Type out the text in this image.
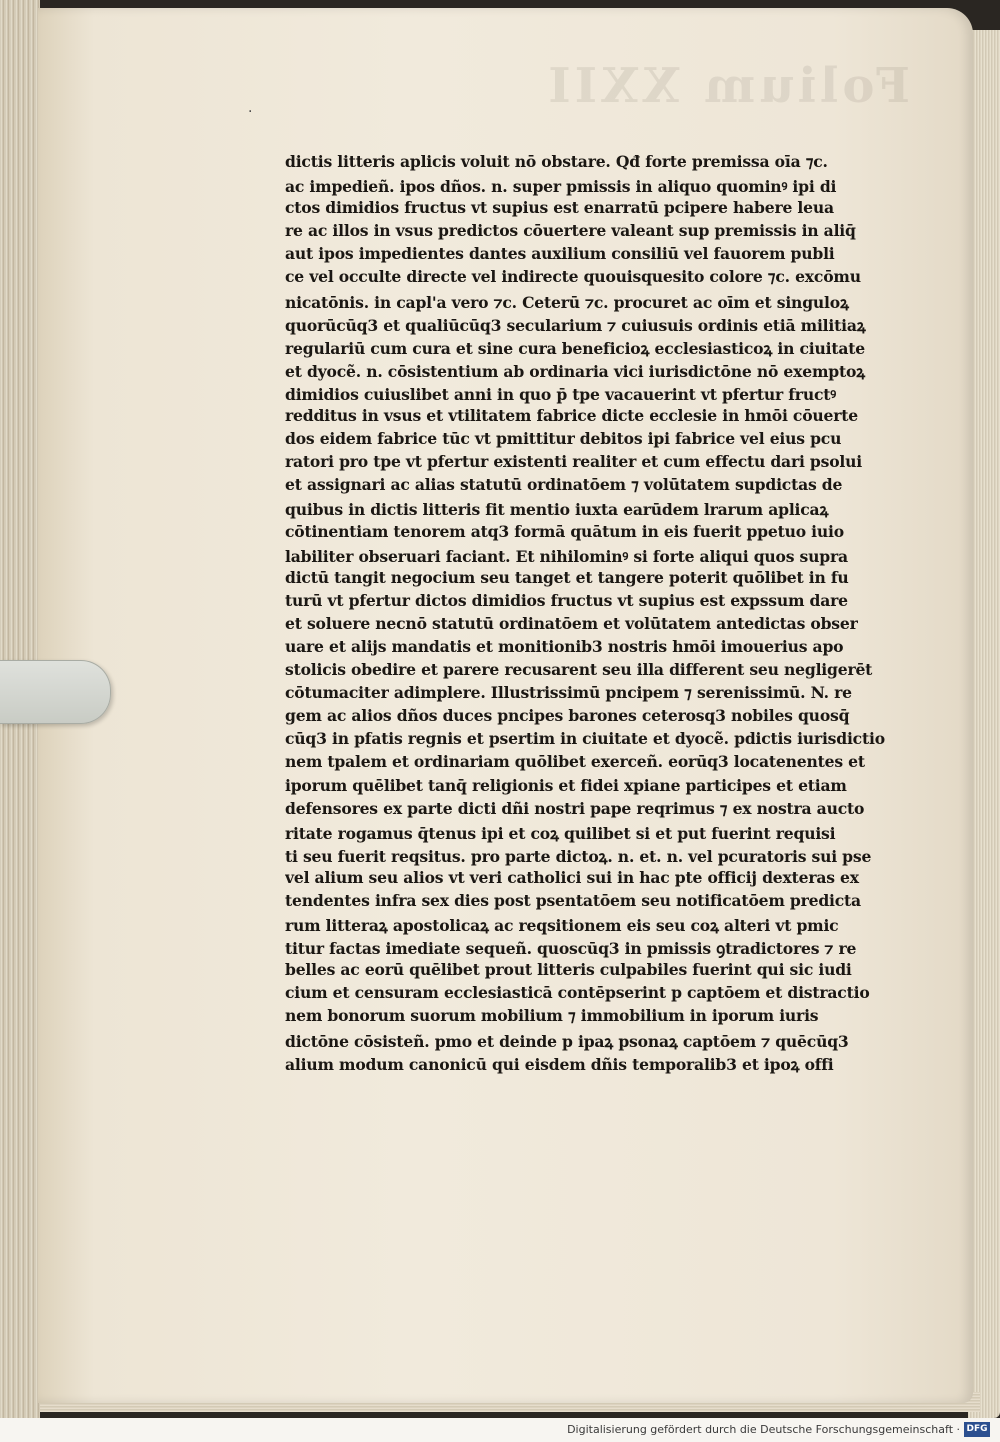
Folium XXII
·
dictis litteris aplicis voluit nō obstare. Qđ forte premissa oīa ⁊c.
ac impedieñ. ipos dños. n. super pmissis in aliquo quominꝰ ipi di
ctos dimidios fructus vt supius est enarratū pcipere habere leua
re ac illos in vsus predictos cōuertere valeant sup premissis in aliq̄
aut ipos impedientes dantes auxilium consiliū vel fauorem publi
ce vel occulte directe vel indirecte quouisquesito colore ⁊c. excōmu
nicatōnis. in capl'a vero ⁊c. Ceterū ⁊c. procuret ac oīm et singuloꝝ
quorūcūq3 et qualiūcūq3 secularium ⁊ cuiusuis ordinis etiā militiaꝝ
regulariū cum cura et sine cura beneficioꝝ ecclesiasticoꝝ in ciuitate
et dyocẽ. n. cōsistentium ab ordinaria vici iurisdictōne nō exemptoꝝ
dimidios cuiuslibet anni in quo p̄ tpe vacauerint vt pfertur fructꝰ
redditus in vsus et vtilitatem fabrice dicte ecclesie in hmōi cōuerte
dos eidem fabrice tūc vt pmittitur debitos ipi fabrice vel eius pcu
ratori pro tpe vt pfertur existenti realiter et cum effectu dari psolui
et assignari ac alias statutū ordinatōem ⁊ volūtatem supdictas de
quibus in dictis litteris fit mentio iuxta earūdem lrarum aplicaꝝ
cōtinentiam tenorem atq3 formā quātum in eis fuerit ppetuo iuio
labiliter obseruari faciant. Et nihilominꝰ si forte aliqui quos supra
dictū tangit negocium seu tanget et tangere poterit quōlibet in fu
turū vt pfertur dictos dimidios fructus vt supius est expssum dare
et soluere necnō statutū ordinatōem et volūtatem antedictas obser
uare et alijs mandatis et monitionib3 nostris hmōi imouerius apo
stolicis obedire et parere recusarent seu illa different seu negligerēt
cōtumaciter adimplere. Illustrissimū pncipem ⁊ serenissimū. N. re
gem ac alios dños duces pncipes barones ceterosq3 nobiles quosq̄
cūq3 in pfatis regnis et psertim in ciuitate et dyocẽ. pdictis iurisdictio
nem tpalem et ordinariam quōlibet exerceñ. eorūq3 locatenentes et
iporum quēlibet tanq̄ religionis et fidei xpiane participes et etiam
defensores ex parte dicti dñi nostri pape reqrimus ⁊ ex nostra aucto
ritate rogamus q̄tenus ipi et coꝝ quilibet si et put fuerint requisi
ti seu fuerit reqsitus. pro parte dictoꝝ. n. et. n. vel pcuratoris sui pse
vel alium seu alios vt veri catholici sui in hac pte officij dexteras ex
tendentes infra sex dies post psentatōem seu notificatōem predicta
rum litteraꝝ apostolicaꝝ ac reqsitionem eis seu coꝝ alteri vt pmic
titur factas imediate sequeñ. quoscūq3 in pmissis ꝯtradictores ⁊ re
belles ac eorū quēlibet prout litteris culpabiles fuerint qui sic iudi
cium et censuram ecclesiasticā contēpserint p captōem et distractio
nem bonorum suorum mobilium ⁊ immobilium in iporum iuris
dictōne cōsisteñ. pmo et deinde p ipaꝝ psonaꝝ captōem ⁊ quēcūq3
alium modum canonicū qui eisdem dñis temporalib3 et ipoꝝ offi
Digitalisierung gefördert durch die Deutsche Forschungsgemeinschaft · DFG
